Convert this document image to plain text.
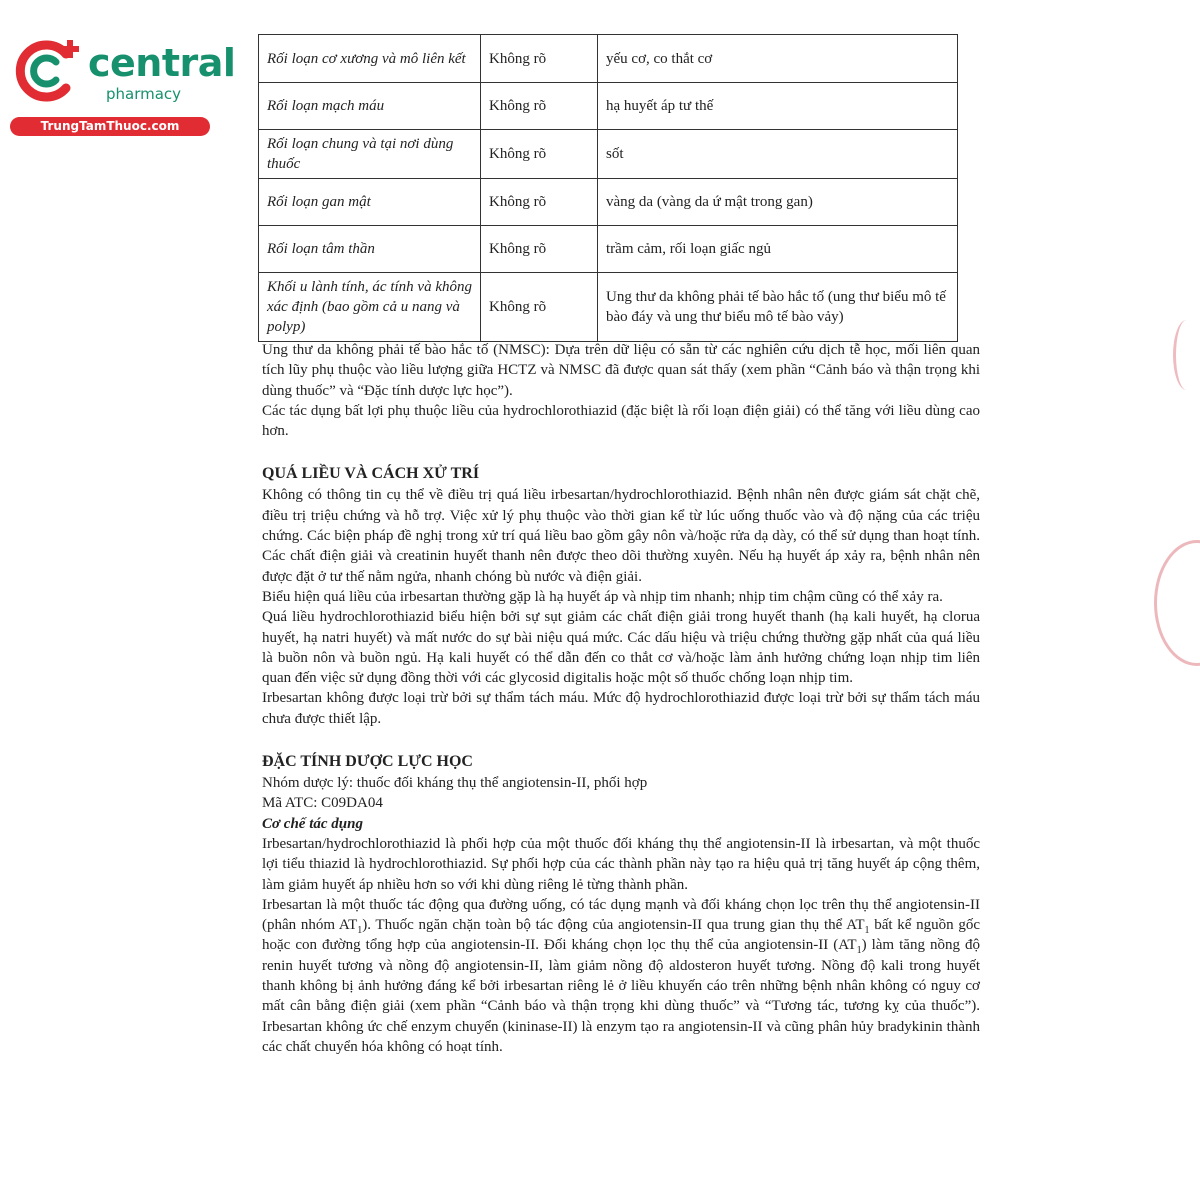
central
pharmacy
TrungTamThuoc.com
Rối loạn cơ xương và mô liên kết	Không rõ	yếu cơ, co thắt cơ
Rối loạn mạch máu	Không rõ	hạ huyết áp tư thế
Rối loạn chung và tại nơi dùng thuốc	Không rõ	sốt
Rối loạn gan mật	Không rõ	vàng da (vàng da ứ mật trong gan)
Rối loạn tâm thần	Không rõ	trầm cảm, rối loạn giấc ngủ
Khối u lành tính, ác tính và không xác định (bao gồm cả u nang và polyp)	Không rõ	Ung thư da không phải tế bào hắc tố (ung thư biểu mô tế bào đáy và ung thư biểu mô tế bào vảy)

Ung thư da không phải tế bào hắc tố (NMSC): Dựa trên dữ liệu có sẵn từ các nghiên cứu dịch tễ học, mối liên quan tích lũy phụ thuộc vào liều lượng giữa HCTZ và NMSC đã được quan sát thấy (xem phần “Cảnh báo và thận trọng khi dùng thuốc” và “Đặc tính dược lực học”).

Các tác dụng bất lợi phụ thuộc liều của hydrochlorothiazid (đặc biệt là rối loạn điện giải) có thể tăng với liều dùng cao hơn.

QUÁ LIỀU VÀ CÁCH XỬ TRÍ

Không có thông tin cụ thể về điều trị quá liều irbesartan/hydrochlorothiazid. Bệnh nhân nên được giám sát chặt chẽ, điều trị triệu chứng và hỗ trợ. Việc xử lý phụ thuộc vào thời gian kể từ lúc uống thuốc vào và độ nặng của các triệu chứng. Các biện pháp đề nghị trong xử trí quá liều bao gồm gây nôn và/hoặc rửa dạ dày, có thể sử dụng than hoạt tính. Các chất điện giải và creatinin huyết thanh nên được theo dõi thường xuyên. Nếu hạ huyết áp xảy ra, bệnh nhân nên được đặt ở tư thế nằm ngửa, nhanh chóng bù nước và điện giải.

Biểu hiện quá liều của irbesartan thường gặp là hạ huyết áp và nhịp tim nhanh; nhịp tim chậm cũng có thể xảy ra.

Quá liều hydrochlorothiazid biểu hiện bởi sự sụt giảm các chất điện giải trong huyết thanh (hạ kali huyết, hạ clorua huyết, hạ natri huyết) và mất nước do sự bài niệu quá mức. Các dấu hiệu và triệu chứng thường gặp nhất của quá liều là buồn nôn và buồn ngủ. Hạ kali huyết có thể dẫn đến co thắt cơ và/hoặc làm ảnh hưởng chứng loạn nhịp tim liên quan đến việc sử dụng đồng thời với các glycosid digitalis hoặc một số thuốc chống loạn nhịp tim.

Irbesartan không được loại trừ bởi sự thẩm tách máu. Mức độ hydrochlorothiazid được loại trừ bởi sự thẩm tách máu chưa được thiết lập.

ĐẶC TÍNH DƯỢC LỰC HỌC

Nhóm dược lý: thuốc đối kháng thụ thể angiotensin-II, phối hợp

Mã ATC: C09DA04

Cơ chế tác dụng

Irbesartan/hydrochlorothiazid là phối hợp của một thuốc đối kháng thụ thể angiotensin-II là irbesartan, và một thuốc lợi tiểu thiazid là hydrochlorothiazid. Sự phối hợp của các thành phần này tạo ra hiệu quả trị tăng huyết áp cộng thêm, làm giảm huyết áp nhiều hơn so với khi dùng riêng lẻ từng thành phần.

Irbesartan là một thuốc tác động qua đường uống, có tác dụng mạnh và đối kháng chọn lọc trên thụ thể angiotensin-II (phân nhóm $AT_1$). Thuốc ngăn chặn toàn bộ tác động của angiotensin-II qua trung gian thụ thể $AT_1$ bất kể nguồn gốc hoặc con đường tổng hợp của angiotensin-II. Đối kháng chọn lọc thụ thể của angiotensin-II $(AT_1)$ làm tăng nồng độ renin huyết tương và nồng độ angiotensin-II, làm giảm nồng độ aldosteron huyết tương. Nồng độ kali trong huyết thanh không bị ảnh hưởng đáng kể bởi irbesartan riêng lẻ ở liều khuyến cáo trên những bệnh nhân không có nguy cơ mất cân bằng điện giải (xem phần “Cảnh báo và thận trọng khi dùng thuốc” và “Tương tác, tương kỵ của thuốc”). Irbesartan không ức chế enzym chuyển (kininase-II) là enzym tạo ra angiotensin-II và cũng phân hủy bradykinin thành các chất chuyển hóa không có hoạt tính.
